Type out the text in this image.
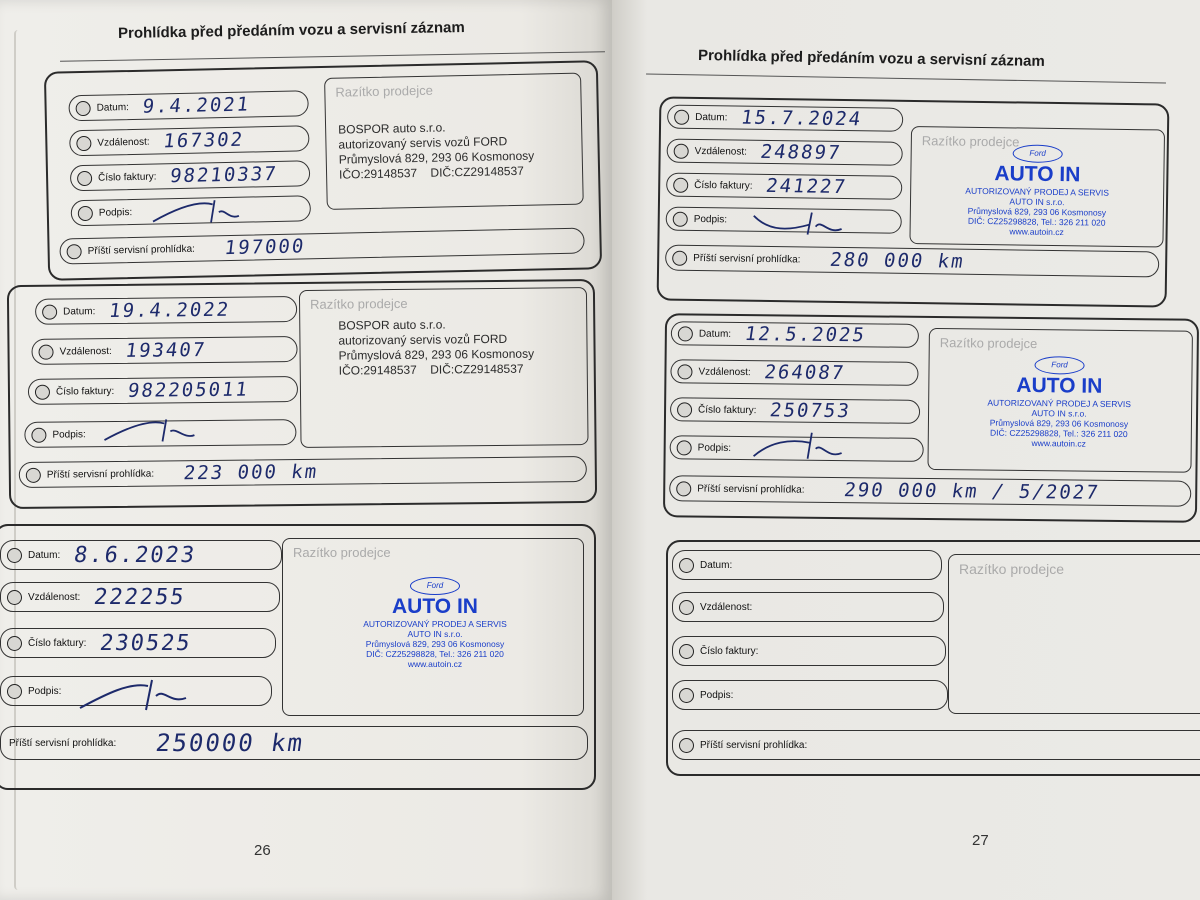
Prohlídka před předáním vozu a servisní záznam
Datum: 9.4.2021
Vzdálenost: 167302
Číslo faktury: 98210337
Podpis:
Příští servisní prohlídka: 197000
Razítko prodejce
BOSPOR auto s.r.o.
autorizovaný servis vozů FORD
Průmyslová 829, 293 06 Kosmonosy
IČO:29148537 DIČ:CZ29148537
Datum: 19.4.2022
Vzdálenost: 193407
Číslo faktury: 982205011
Podpis:
Příští servisní prohlídka: 223 000 km
Razítko prodejce
BOSPOR auto s.r.o.
autorizovaný servis vozů FORD
Průmyslová 829, 293 06 Kosmonosy
IČO:29148537 DIČ:CZ29148537
Datum: 8.6.2023
Vzdálenost: 222255
Číslo faktury: 230525
Podpis:
Příští servisní prohlídka: 250000 km
Razítko prodejce
Ford
AUTO IN
AUTORIZOVANÝ PRODEJ A SERVIS
AUTO IN s.r.o.
Průmyslová 829, 293 06 Kosmonosy
DIČ: CZ25298828, Tel.: 326 211 020
www.autoin.cz
26
Prohlídka před předáním vozu a servisní záznam
Datum: 15.7.2024
Vzdálenost: 248897
Číslo faktury: 241227
Podpis:
Příští servisní prohlídka: 280 000 km
Razítko prodejce
Ford
AUTO IN
AUTORIZOVANÝ PRODEJ A SERVIS
AUTO IN s.r.o.
Průmyslová 829, 293 06 Kosmonosy
DIČ: CZ25298828, Tel.: 326 211 020
www.autoin.cz
Datum: 12.5.2025
Vzdálenost: 264087
Číslo faktury: 250753
Podpis:
Příští servisní prohlídka: 290 000 km / 5/2027
Razítko prodejce
Ford
AUTO IN
AUTORIZOVANÝ PRODEJ A SERVIS
AUTO IN s.r.o.
Průmyslová 829, 293 06 Kosmonosy
DIČ: CZ25298828, Tel.: 326 211 020
www.autoin.cz
Datum:
Vzdálenost:
Číslo faktury:
Podpis:
Příští servisní prohlídka:
Razítko prodejce
27
